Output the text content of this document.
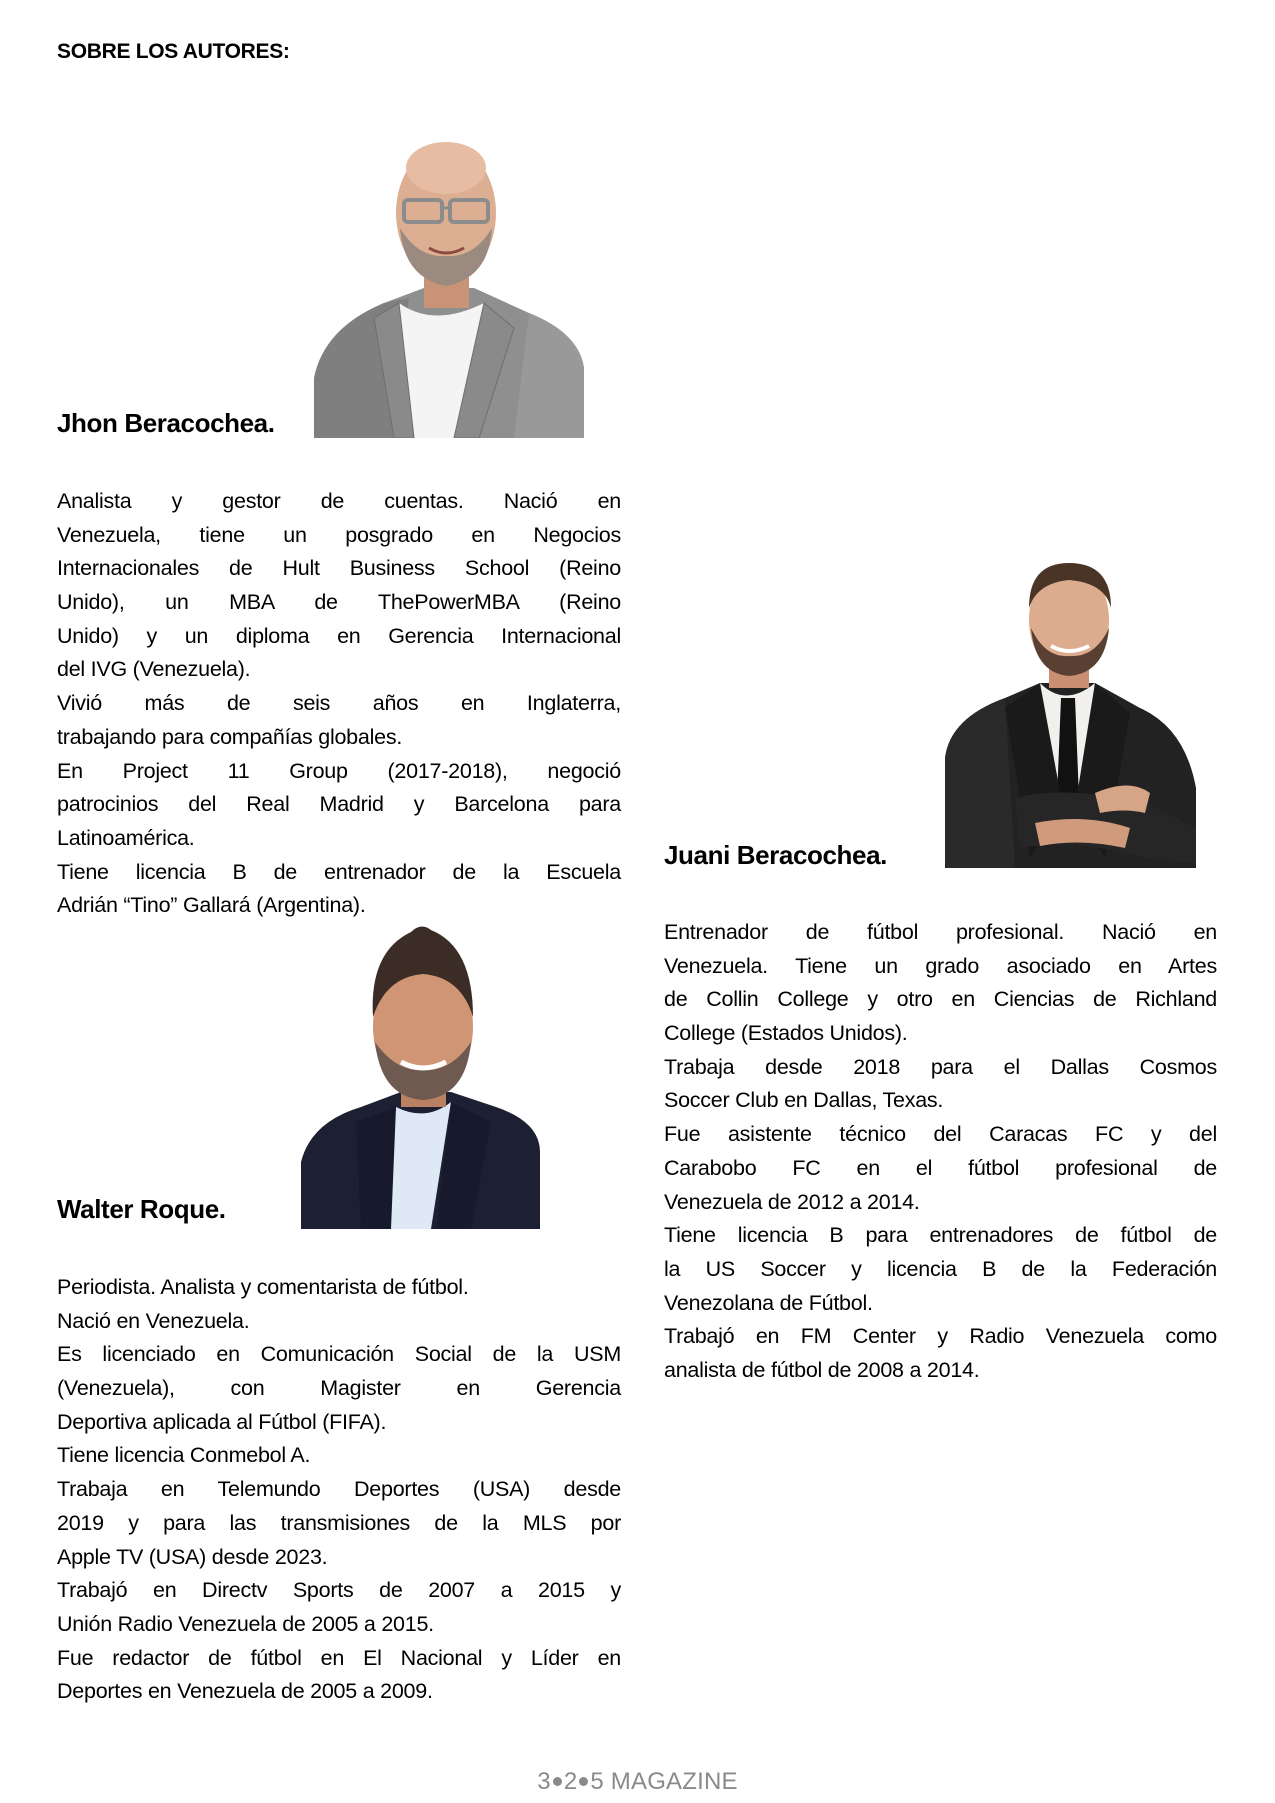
SOBRE LOS AUTORES:
Jhon Beracochea.
Analista y gestor de cuentas. Nació en
Venezuela, tiene un posgrado en Negocios
Internacionales de Hult Business School (Reino
Unido), un MBA de ThePowerMBA (Reino
Unido) y un diploma en Gerencia Internacional
del IVG (Venezuela).
Vivió más de seis años en Inglaterra,
trabajando para compañías globales.
En Project 11 Group (2017-2018), negoció
patrocinios del Real Madrid y Barcelona para
Latinoamérica.
Tiene licencia B de entrenador de la Escuela
Adrián “Tino” Gallará (Argentina).
Juani Beracochea.
Entrenador de fútbol profesional. Nació en
Venezuela. Tiene un grado asociado en Artes
de Collin College y otro en Ciencias de Richland
College (Estados Unidos).
Trabaja desde 2018 para el Dallas Cosmos
Soccer Club en Dallas, Texas.
Fue asistente técnico del Caracas FC y del
Carabobo FC en el fútbol profesional de
Venezuela de 2012 a 2014.
Tiene licencia B para entrenadores de fútbol de
la US Soccer y licencia B de la Federación
Venezolana de Fútbol.
Trabajó en FM Center y Radio Venezuela como
analista de fútbol de 2008 a 2014.
Walter Roque.
Periodista. Analista y comentarista de fútbol.
Nació en Venezuela.
Es licenciado en Comunicación Social de la USM
(Venezuela), con Magister en Gerencia
Deportiva aplicada al Fútbol (FIFA).
Tiene licencia Conmebol A.
Trabaja en Telemundo Deportes (USA) desde
2019 y para las transmisiones de la MLS por
Apple TV (USA) desde 2023.
Trabajó en Directv Sports de 2007 a 2015 y
Unión Radio Venezuela de 2005 a 2015.
Fue redactor de fútbol en El Nacional y Líder en
Deportes en Venezuela de 2005 a 2009.
3 2 5 MAGAZINE
